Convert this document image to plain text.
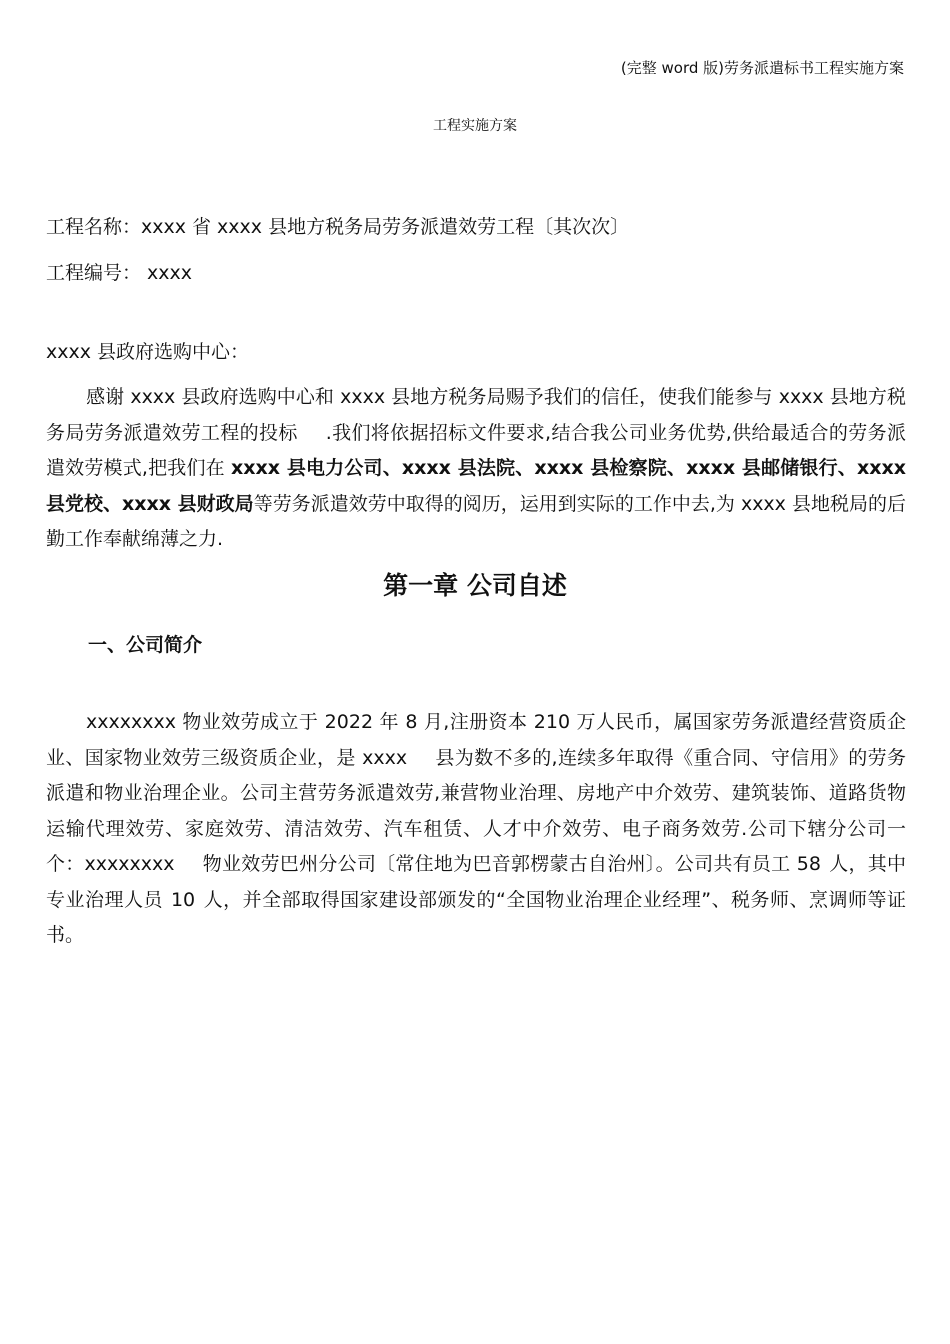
(完整 word 版)劳务派遣标书工程实施方案
工程实施方案
工程名称：xxxx 省 xxxx 县地方税务局劳务派遣效劳工程〔其次次〕
工程编号： xxxx
xxxx 县政府选购中心：

感谢 xxxx 县政府选购中心和 xxxx 县地方税务局赐予我们的信任，使我们能参与 xxxx 县地方税务局劳务派遣效劳工程的投标 .我们将依据招标文件要求,结合我公司业务优势,供给最适合的劳务派遣效劳模式,把我们在 xxxx 县电力公司、xxxx 县法院、xxxx 县检察院、xxxx 县邮储银行、xxxx 县党校、xxxx 县财政局等劳务派遣效劳中取得的阅历，运用到实际的工作中去,为 xxxx 县地税局的后勤工作奉献绵薄之力.

第一章 公司自述
一、公司简介

xxxxxxxx 物业效劳成立于 2022 年 8 月,注册资本 210 万人民币，属国家劳务派遣经营资质企业、国家物业效劳三级资质企业，是 xxxx 县为数不多的,连续多年取得《重合同、守信用》的劳务派遣和物业治理企业。公司主营劳务派遣效劳,兼营物业治理、房地产中介效劳、建筑装饰、道路货物运输代理效劳、家庭效劳、清洁效劳、汽车租赁、人才中介效劳、电子商务效劳.公司下辖分公司一个：xxxxxxxx 物业效劳巴州分公司〔常住地为巴音郭楞蒙古自治州〕。公司共有员工 58 人，其中专业治理人员 10 人，并全部取得国家建设部颁发的“全国物业治理企业经理”、税务师、烹调师等证书。
